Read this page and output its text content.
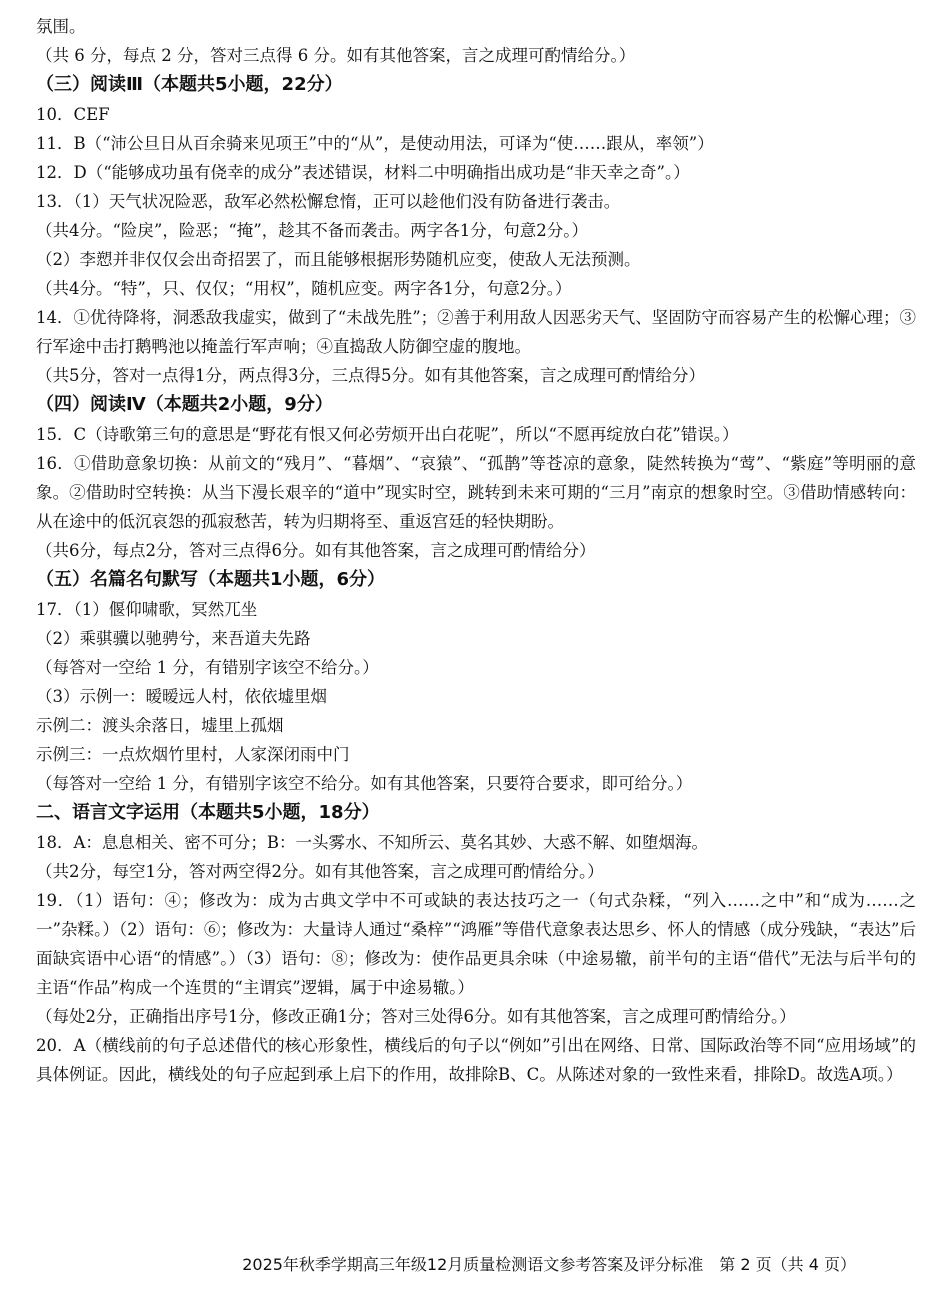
氛围。
（共 6 分，每点 2 分，答对三点得 6 分。如有其他答案，言之成理可酌情给分。）
（三）阅读Ⅲ（本题共5小题，22分）
10．CEF
11．B（“沛公旦日从百余骑来见项王”中的“从”，是使动用法，可译为“使……跟从，率领”）
12．D（“能够成功虽有侥幸的成分”表述错误，材料二中明确指出成功是“非天幸之奇”。）
13．（1）天气状况险恶，敌军必然松懈怠惰，正可以趁他们没有防备进行袭击。
（共4分。“险戾”，险恶；“掩”，趁其不备而袭击。两字各1分，句意2分。）
（2）李愬并非仅仅会出奇招罢了，而且能够根据形势随机应变，使敌人无法预测。
（共4分。“特”，只、仅仅；“用权”，随机应变。两字各1分，句意2分。）
14．①优待降将，洞悉敌我虚实，做到了“未战先胜”；②善于利用敌人因恶劣天气、坚固防守而容易产生的松懈心理；③行军途中击打鹅鸭池以掩盖行军声响；④直捣敌人防御空虚的腹地。
（共5分，答对一点得1分，两点得3分，三点得5分。如有其他答案，言之成理可酌情给分）
（四）阅读Ⅳ（本题共2小题，9分）
15．C（诗歌第三句的意思是“野花有恨又何必劳烦开出白花呢”，所以“不愿再绽放白花”错误。）
16．①借助意象切换：从前文的“残月”、“暮烟”、“哀猿”、“孤鹊”等苍凉的意象，陡然转换为“莺”、“紫庭”等明丽的意象。②借助时空转换：从当下漫长艰辛的“道中”现实时空，跳转到未来可期的“三月”南京的想象时空。③借助情感转向：从在途中的低沉哀怨的孤寂愁苦，转为归期将至、重返宫廷的轻快期盼。
（共6分，每点2分，答对三点得6分。如有其他答案，言之成理可酌情给分）
（五）名篇名句默写（本题共1小题，6分）
17．（1）偃仰啸歌，冥然兀坐
（2）乘骐骥以驰骋兮，来吾道夫先路
（每答对一空给 1 分，有错别字该空不给分。）
（3）示例一：暧暧远人村，依依墟里烟
示例二：渡头余落日，墟里上孤烟
示例三：一点炊烟竹里村，人家深闭雨中门
（每答对一空给 1 分，有错别字该空不给分。如有其他答案，只要符合要求，即可给分。）
二、语言文字运用（本题共5小题，18分）
18．A：息息相关、密不可分；B：一头雾水、不知所云、莫名其妙、大惑不解、如堕烟海。
（共2分，每空1分，答对两空得2分。如有其他答案，言之成理可酌情给分。）
19．（1）语句：④；修改为：成为古典文学中不可或缺的表达技巧之一（句式杂糅，“列入……之中”和“成为……之一”杂糅。）（2）语句：⑥；修改为：大量诗人通过“桑梓”“鸿雁”等借代意象表达思乡、怀人的情感（成分残缺，“表达”后面缺宾语中心语“的情感”。）（3）语句：⑧；修改为：使作品更具余味（中途易辙，前半句的主语“借代”无法与后半句的主语“作品”构成一个连贯的“主谓宾”逻辑，属于中途易辙。）
（每处2分，正确指出序号1分，修改正确1分；答对三处得6分。如有其他答案，言之成理可酌情给分。）
20．A（横线前的句子总述借代的核心形象性，横线后的句子以“例如”引出在网络、日常、国际政治等不同“应用场域”的具体例证。因此，横线处的句子应起到承上启下的作用，故排除B、C。从陈述对象的一致性来看，排除D。故选A项。）
2025年秋季学期高三年级12月质量检测语文参考答案及评分标准　第 2 页（共 4 页）
